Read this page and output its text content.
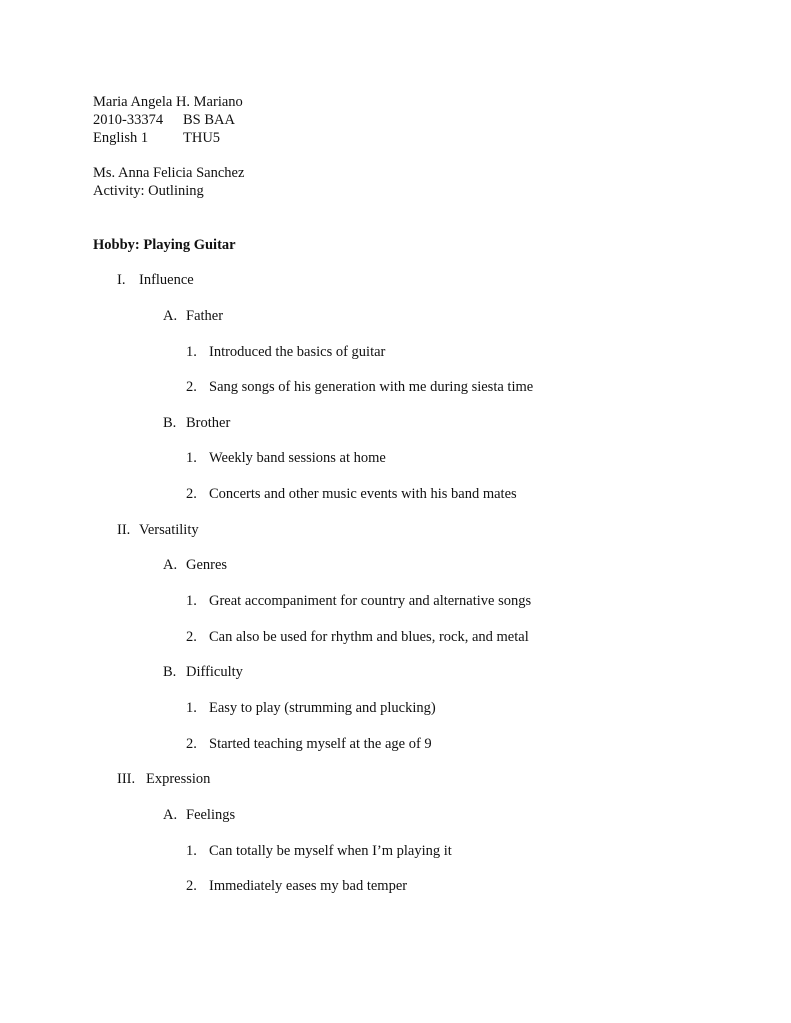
Maria Angela H. Mariano
2010-33374 BS BAA
English 1 THU5
Ms. Anna Felicia Sanchez
Activity: Outlining
Hobby: Playing Guitar
I. Influence
A. Father
1. Introduced the basics of guitar
2. Sang songs of his generation with me during siesta time
B. Brother
1. Weekly band sessions at home
2. Concerts and other music events with his band mates
II. Versatility
A. Genres
1. Great accompaniment for country and alternative songs
2. Can also be used for rhythm and blues, rock, and metal
B. Difficulty
1. Easy to play (strumming and plucking)
2. Started teaching myself at the age of 9
III. Expression
A. Feelings
1. Can totally be myself when I’m playing it
2. Immediately eases my bad temper
